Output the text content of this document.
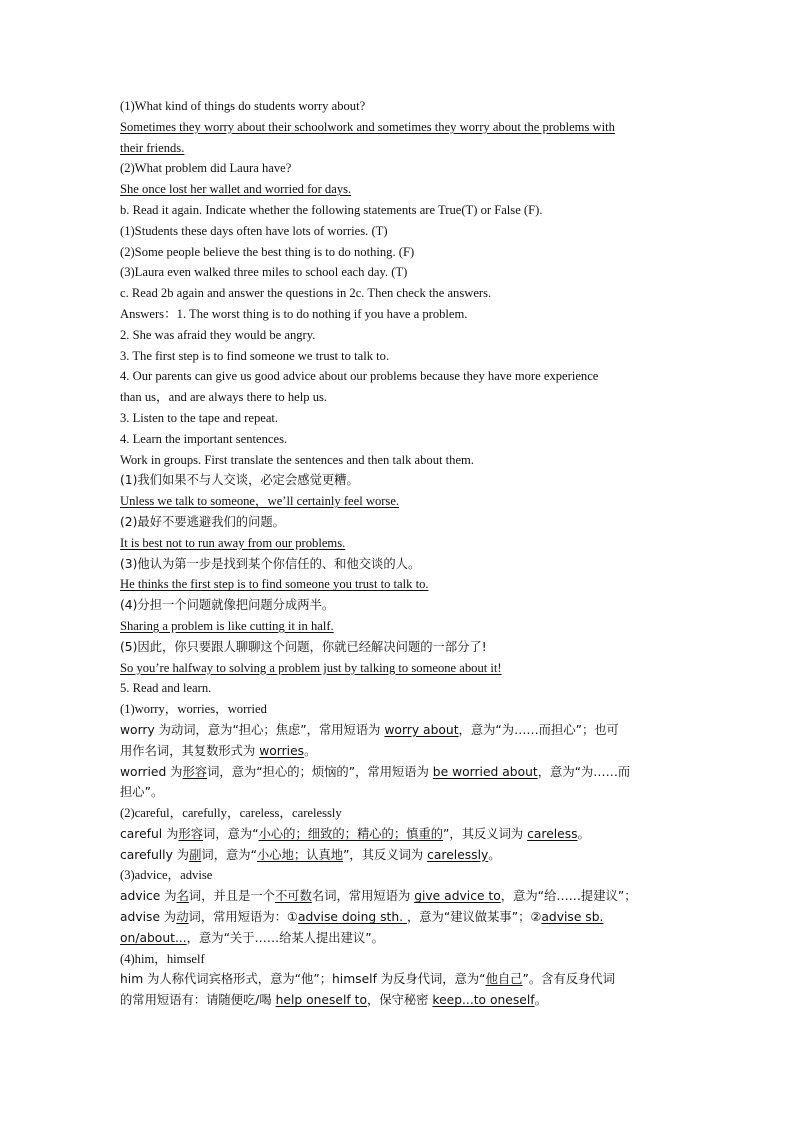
(1)What kind of things do students worry about?
Sometimes they worry about their schoolwork and sometimes they worry about the problems with
their friends.
(2)What problem did Laura have?
She once lost her wallet and worried for days.
b. Read it again. Indicate whether the following statements are True(T) or False (F).
(1)Students these days often have lots of worries. (T)
(2)Some people believe the best thing is to do nothing. (F)
(3)Laura even walked three miles to school each day. (T)
c. Read 2b again and answer the questions in 2c. Then check the answers.
Answers：1. The worst thing is to do nothing if you have a problem.
2. She was afraid they would be angry.
3. The first step is to find someone we trust to talk to.
4. Our parents can give us good advice about our problems because they have more experience
than us，and are always there to help us.
3. Listen to the tape and repeat.
4. Learn the important sentences.
Work in groups. First translate the sentences and then talk about them.
(1)我们如果不与人交谈，必定会感觉更糟。
Unless we talk to someone，we’ll certainly feel worse.
(2)最好不要逃避我们的问题。
It is best not to run away from our problems.
(3)他认为第一步是找到某个你信任的、和他交谈的人。
He thinks the first step is to find someone you trust to talk to.
(4)分担一个问题就像把问题分成两半。
Sharing a problem is like cutting it in half.
(5)因此，你只要跟人聊聊这个问题，你就已经解决问题的一部分了!
So you’re halfway to solving a problem just by talking to someone about it!
5. Read and learn.
(1)worry，worries，worried
worry 为动词，意为“担心；焦虑”，常用短语为 worry about，意为“为……而担心”；也可
用作名词，其复数形式为 worries。
worried 为形容词，意为“担心的；烦恼的”，常用短语为 be worried about，意为“为……而
担心”。
(2)careful，carefully，careless，carelessly
careful 为形容词，意为“小心的；细致的；精心的；慎重的”，其反义词为 careless。
carefully 为副词，意为“小心地；认真地”，其反义词为 carelessly。
(3)advice，advise
advice 为名词，并且是一个不可数名词，常用短语为 give advice to，意为“给……提建议”；
advise 为动词，常用短语为：①advise doing sth. ，意为“建议做某事”；②advise sb.
on/about...，意为“关于……给某人提出建议”。
(4)him，himself
him 为人称代词宾格形式，意为“他”；himself 为反身代词，意为“他自己”。含有反身代词
的常用短语有：请随便吃/喝 help oneself to，保守秘密 keep...to oneself。
